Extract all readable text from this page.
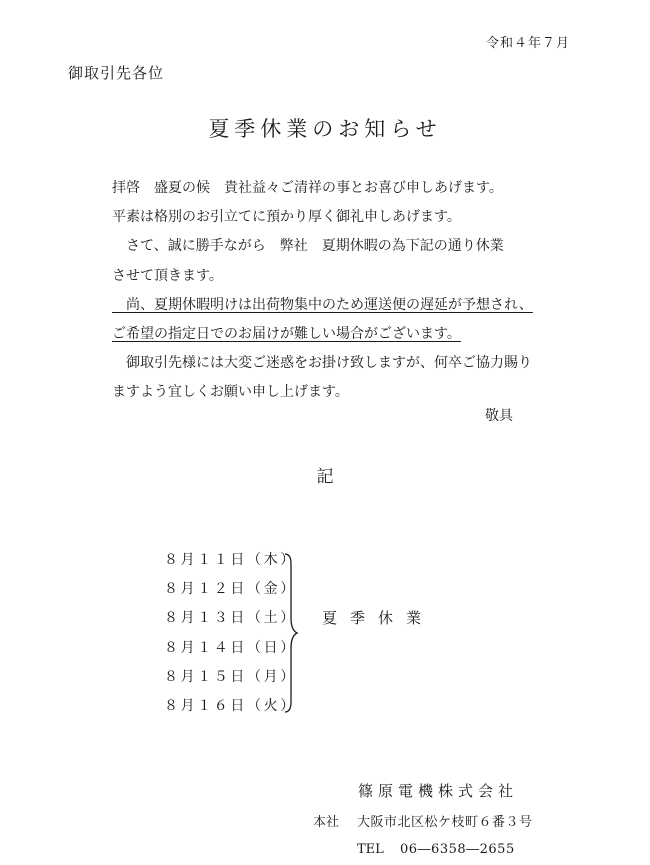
令和４年７月
御取引先各位
夏季休業のお知らせ
拝啓　盛夏の候　貴社益々ご清祥の事とお喜び申しあげます。
平素は格別のお引立てに預かり厚く御礼申しあげます。
　さて、誠に勝手ながら　弊社　夏期休暇の為下記の通り休業
させて頂きます。
　尚、夏期休暇明けは出荷物集中のため運送便の遅延が予想され、
ご希望の指定日でのお届けが難しい場合がございます。
　御取引先様には大変ご迷惑をお掛け致しますが、何卒ご協力賜り
ますよう宜しくお願い申し上げます。
敬具
記
８月１１日（木）
８月１２日（金）
８月１３日（土）
８月１４日（日）
８月１５日（月）
８月１６日（火）
夏季休業
篠原電機株式会社
本社 大阪市北区松ケ枝町６番３号
TEL 06―6358―2655
